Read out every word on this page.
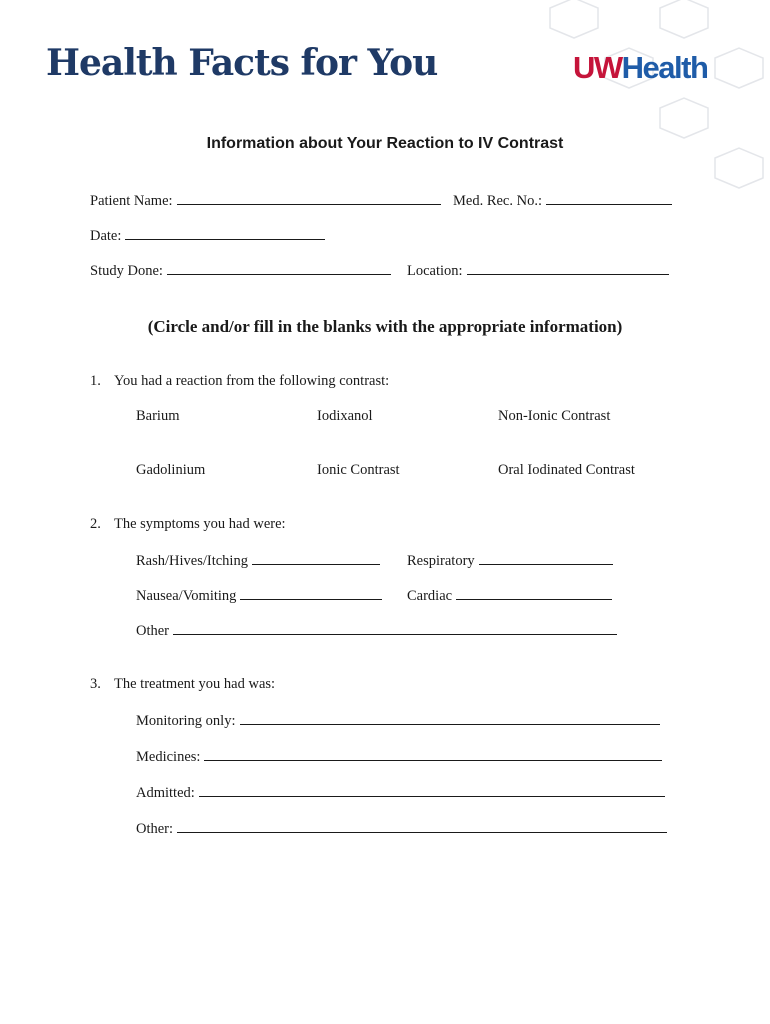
Health Facts for You	UWHealth
Information about Your Reaction to IV Contrast
Patient Name:	Med. Rec. No.:
Date:
Study Done:	Location:
(Circle and/or fill in the blanks with the appropriate information)
1. You had a reaction from the following contrast:
Barium	Iodixanol	Non-Ionic Contrast
Gadolinium	Ionic Contrast	Oral Iodinated Contrast
2. The symptoms you had were:
Rash/Hives/Itching	Respiratory
Nausea/Vomiting	Cardiac
Other
3. The treatment you had was:
Monitoring only:
Medicines:
Admitted:
Other:
